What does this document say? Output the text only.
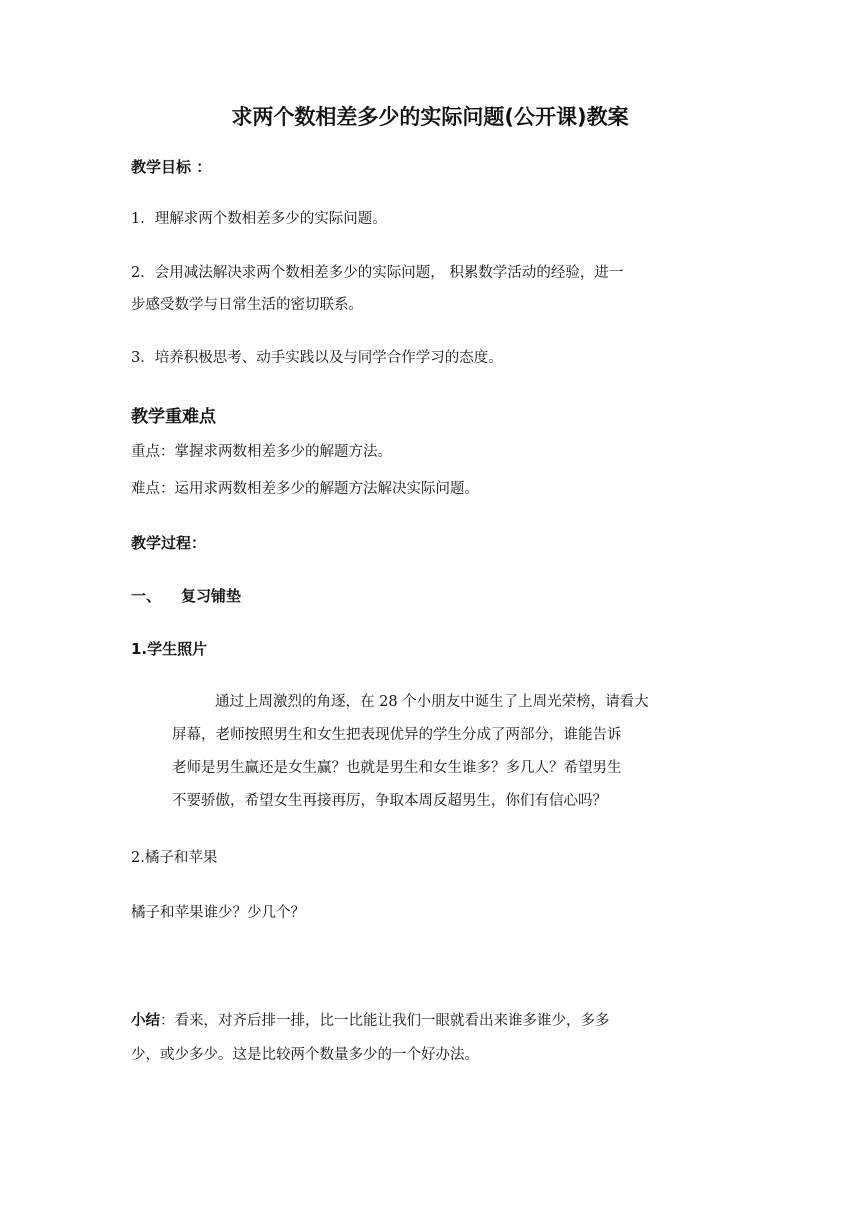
求两个数相差多少的实际问题(公开课)教案
教学目标 ：
1．理解求两个数相差多少的实际问题。
2．会用减法解决求两个数相差多少的实际问题， 积累数学活动的经验，进一
步感受数学与日常生活的密切联系。
3．培养积极思考、动手实践以及与同学合作学习的态度。
教学重难点
重点：掌握求两数相差多少的解题方法。
难点：运用求两数相差多少的解题方法解决实际问题。
教学过程：
一、 复习铺垫
1.学生照片
通过上周激烈的角逐，在 28 个小朋友中诞生了上周光荣榜，请看大
屏幕，老师按照男生和女生把表现优异的学生分成了两部分，谁能告诉
老师是男生赢还是女生赢？也就是男生和女生谁多？多几人？希望男生
不要骄傲，希望女生再接再厉，争取本周反超男生，你们有信心吗？
2.橘子和苹果
橘子和苹果谁少？少几个？
小结：看来，对齐后排一排，比一比能让我们一眼就看出来谁多谁少，多多
少，或少多少。这是比较两个数量多少的一个好办法。
